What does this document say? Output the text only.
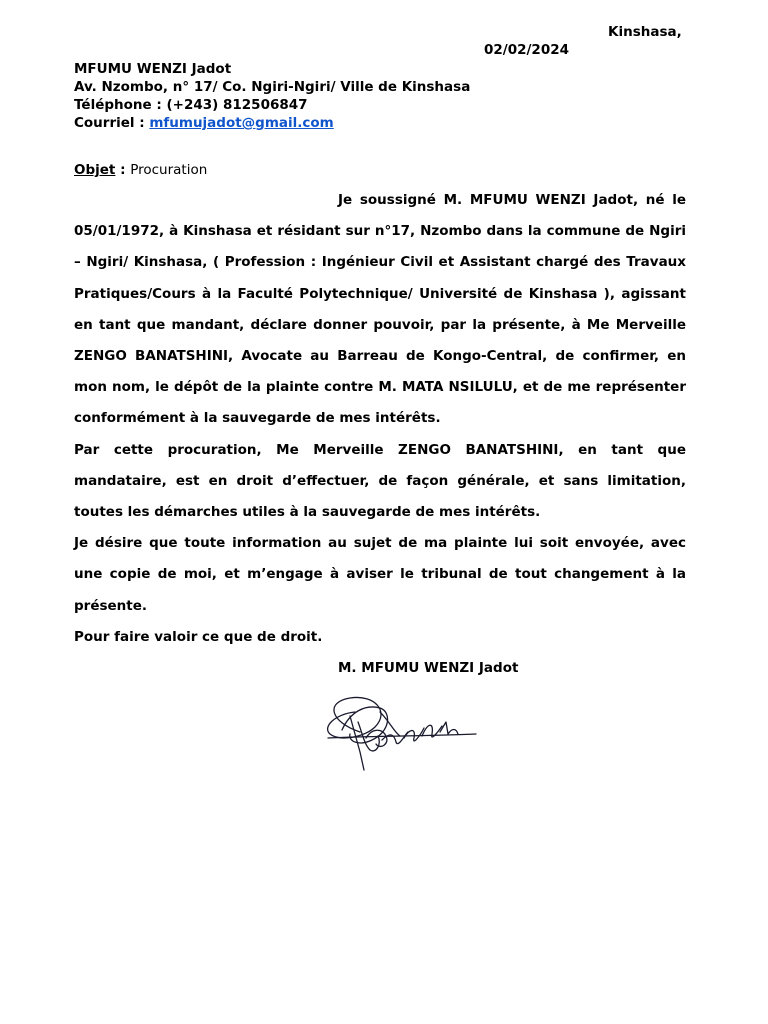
Kinshasa,
02/02/2024
MFUMU WENZI Jadot
Av. Nzombo, n° 17/ Co. Ngiri-Ngiri/ Ville de Kinshasa
Téléphone : (+243) 812506847
Courriel : mfumujadot@gmail.com
Objet : Procuration

Je soussigné M. MFUMU WENZI Jadot, né le 05/01/1972, à Kinshasa et résidant sur n°17, Nzombo dans la commune de Ngiri – Ngiri/ Kinshasa, ( Profession : Ingénieur Civil et Assistant chargé des Travaux Pratiques/Cours à la Faculté Polytechnique/ Université de Kinshasa ), agissant en tant que mandant, déclare donner pouvoir, par la présente, à Me Merveille ZENGO BANATSHINI, Avocate au Barreau de Kongo-Central, de confirmer, en mon nom, le dépôt de la plainte contre M. MATA NSILULU, et de me représenter conformément à la sauvegarde de mes intérêts.

Par cette procuration, Me Merveille ZENGO BANATSHINI, en tant que mandataire, est en droit d’effectuer, de façon générale, et sans limitation, toutes les démarches utiles à la sauvegarde de mes intérêts.

Je désire que toute information au sujet de ma plainte lui soit envoyée, avec une copie de moi, et m’engage à aviser le tribunal de tout changement à la présente.

Pour faire valoir ce que de droit.

M. MFUMU WENZI Jadot
